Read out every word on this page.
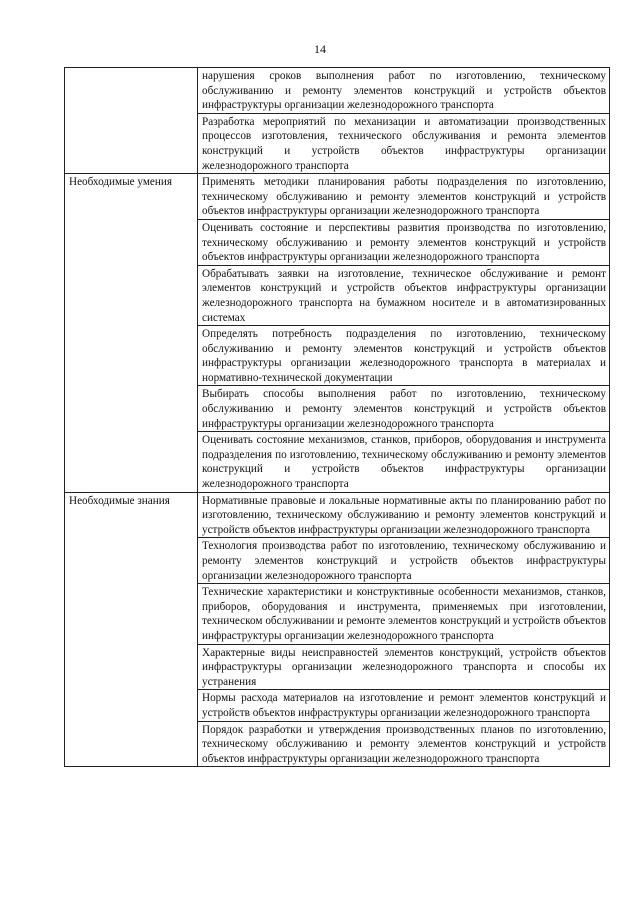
14
	нарушения сроков выполнения работ по изготовлению, техническому обслуживанию и ремонту элементов конструкций и устройств объектов инфраструктуры организации железнодорожного транспорта
	Разработка мероприятий по механизации и автоматизации производственных процессов изготовления, технического обслуживания и ремонта элементов конструкций и устройств объектов инфраструктуры организации железнодорожного транспорта
Необходимые умения	Применять методики планирования работы подразделения по изготовлению, техническому обслуживанию и ремонту элементов конструкций и устройств объектов инфраструктуры организации железнодорожного транспорта
	Оценивать состояние и перспективы развития производства по изготовлению, техническому обслуживанию и ремонту элементов конструкций и устройств объектов инфраструктуры организации железнодорожного транспорта
	Обрабатывать заявки на изготовление, техническое обслуживание и ремонт элементов конструкций и устройств объектов инфраструктуры организации железнодорожного транспорта на бумажном носителе и в автоматизированных системах
	Определять потребность подразделения по изготовлению, техническому обслуживанию и ремонту элементов конструкций и устройств объектов инфраструктуры организации железнодорожного транспорта в материалах и нормативно-технической документации
	Выбирать способы выполнения работ по изготовлению, техническому обслуживанию и ремонту элементов конструкций и устройств объектов инфраструктуры организации железнодорожного транспорта
	Оценивать состояние механизмов, станков, приборов, оборудования и инструмента подразделения по изготовлению, техническому обслуживанию и ремонту элементов конструкций и устройств объектов инфраструктуры организации железнодорожного транспорта
Необходимые знания	Нормативные правовые и локальные нормативные акты по планированию работ по изготовлению, техническому обслуживанию и ремонту элементов конструкций и устройств объектов инфраструктуры организации железнодорожного транспорта
	Технология производства работ по изготовлению, техническому обслуживанию и ремонту элементов конструкций и устройств объектов инфраструктуры организации железнодорожного транспорта
	Технические характеристики и конструктивные особенности механизмов, станков, приборов, оборудования и инструмента, применяемых при изготовлении, техническом обслуживании и ремонте элементов конструкций и устройств объектов инфраструктуры организации железнодорожного транспорта
	Характерные виды неисправностей элементов конструкций, устройств объектов инфраструктуры организации железнодорожного транспорта и способы их устранения
	Нормы расхода материалов на изготовление и ремонт элементов конструкций и устройств объектов инфраструктуры организации железнодорожного транспорта
	Порядок разработки и утверждения производственных планов по изготовлению, техническому обслуживанию и ремонту элементов конструкций и устройств объектов инфраструктуры организации железнодорожного транспорта
